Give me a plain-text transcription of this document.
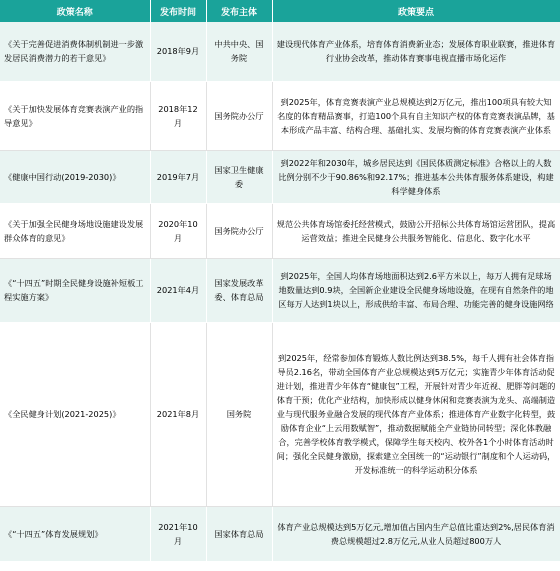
政策名称	发布时间	发布主体	政策要点
《关于完善促进消费体制机制进一步激发居民消费潜力的若干意见》	2018年9月	中共中央、国务院	建设现代体育产业体系，培育体育消费新业态；发展体育职业联赛，推进体育行业协会改革，推动体育赛事电视直播市场化运作
《关于加快发展体育竞赛表演产业的指导意见》	2018年12月	国务院办公厅	到2025年，体育竞赛表演产业总规模达到2万亿元，推出100项具有较大知名度的体育精品赛事，打造100个具有自主知识产权的体育竞赛表演品牌，基本形成产品丰富、结构合理、基础扎实、发展均衡的体育竞赛表演产业体系
《健康中国行动(2019-2030)》	2019年7月	国家卫生健康委	到2022年和2030年，城乡居民达到《国民体质测定标准》合格以上的人数比例分别不少于90.86%和92.17%；推进基本公共体育服务体系建设，构建科学健身体系
《关于加强全民健身场地设施建设发展群众体育的意见》	2020年10月	国务院办公厅	规范公共体育场馆委托经营模式，鼓励公开招标公共体育场馆运营团队，提高运营效益；推进全民健身公共服务智能化、信息化、数字化水平
《“十四五”时期全民健身设施补短板工程实施方案》	2021年4月	国家发展改革委、体育总局	到2025年，全国人均体育场地面积达到2.6平方米以上，每万人拥有足球场地数量达到0.9块，全国新企业建设全民健身场地设施，在现有自然条件的地区每万人达到1块以上，形成供给丰富、布局合理、功能完善的健身设施网络
《全民健身计划(2021-2025)》	2021年8月	国务院	到2025年，经常参加体育锻炼人数比例达到38.5%，每千人拥有社会体育指导员2.16名，带动全国体育产业总规模达到5万亿元；实施青少年体育活动促进计划，推进青少年体育“健康包”工程，开展针对青少年近视、肥胖等问题的体育干预；优化产业结构，加快形成以健身休闲和竞赛表演为龙头、高端制造业与现代服务业融合发展的现代体育产业体系；推进体育产业数字化转型，鼓励体育企业“上云用数赋智”，推动数据赋能全产业链协同转型；深化体教融合，完善学校体育教学模式，保障学生每天校内、校外各1个小时体育活动时间；强化全民健身激励，探索建立全国统一的“运动银行”制度和个人运动码，开发标准统一的科学运动积分体系
《“十四五”体育发展规划》	2021年10月	国家体育总局	体育产业总规模达到5万亿元,增加值占国内生产总值比重达到2%,居民体育消费总规模超过2.8万亿元,从业人员超过800万人
